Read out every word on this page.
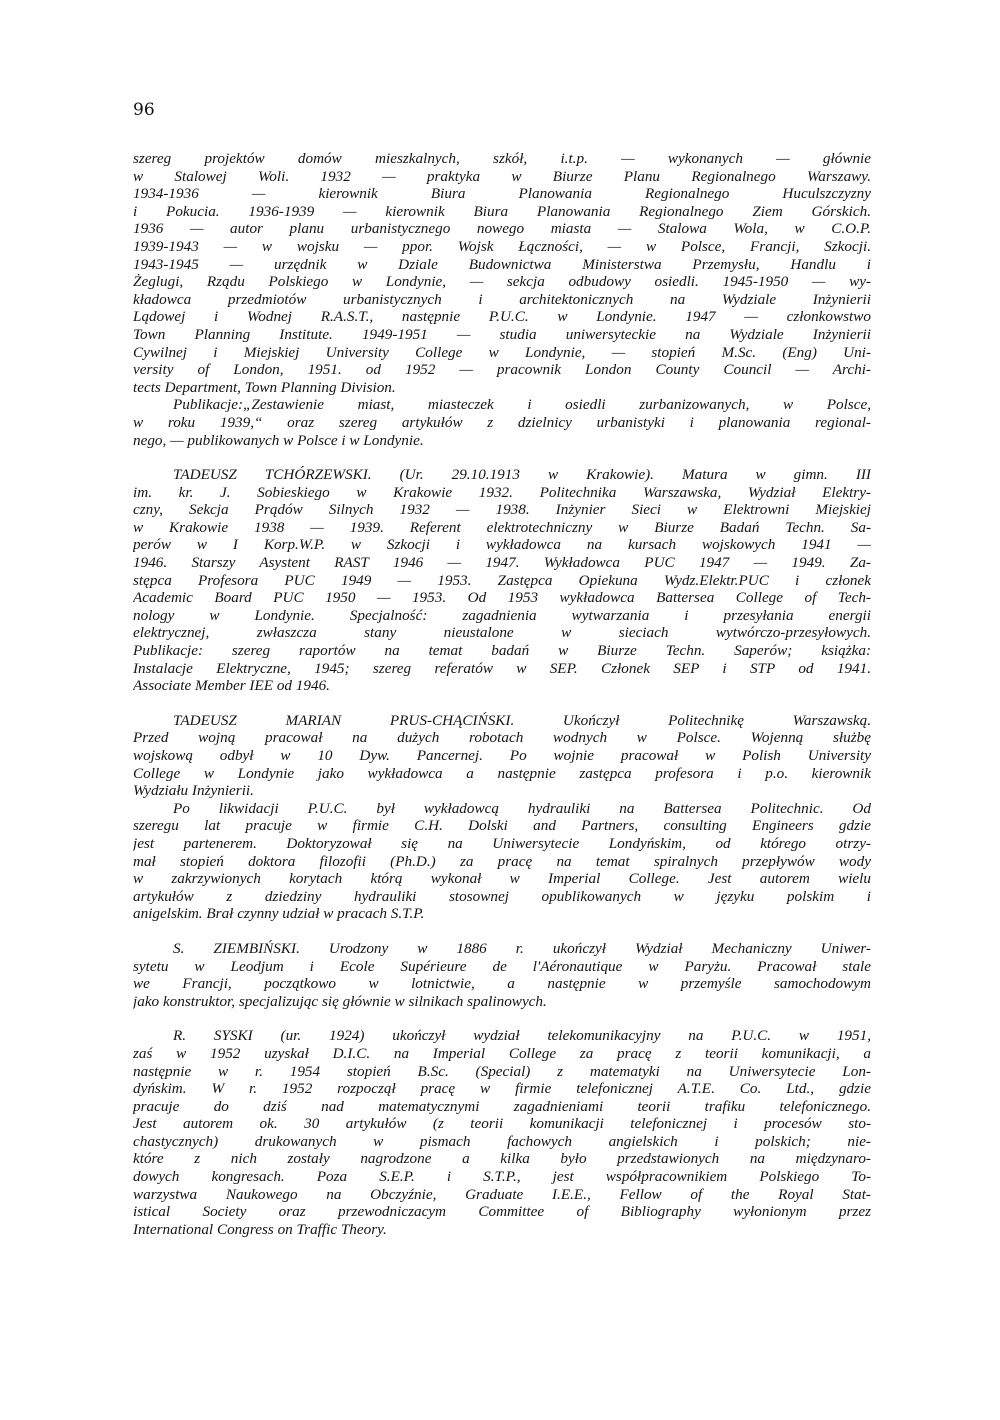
96
szereg projektów domów mieszkalnych, szkół, i.t.p. — wykonanych — głównie
w Stalowej Woli. 1932 — praktyka w Biurze Planu Regionalnego Warszawy.
1934-1936 — kierownik Biura Planowania Regionalnego Huculszczyzny
i Pokucia. 1936-1939 — kierownik Biura Planowania Regionalnego Ziem Górskich.
1936 — autor planu urbanistycznego nowego miasta — Stalowa Wola, w C.O.P.
1939-1943 — w wojsku — ppor. Wojsk Łączności, — w Polsce, Francji, Szkocji.
1943-1945 — urzędnik w Dziale Budownictwa Ministerstwa Przemysłu, Handlu i
Żeglugi, Rządu Polskiego w Londynie, — sekcja odbudowy osiedli. 1945-1950 — wy-
kładowca przedmiotów urbanistycznych i architektonicznych na Wydziale Inżynierii
Lądowej i Wodnej R.A.S.T., następnie P.U.C. w Londynie. 1947 — członkowstwo
Town Planning Institute. 1949-1951 — studia uniwersyteckie na Wydziale Inżynierii
Cywilnej i Miejskiej University College w Londynie, — stopień M.Sc. (Eng) Uni-
versity of London, 1951. od 1952 — pracownik London County Council — Archi-
tects Department, Town Planning Division.
Publikacje:„Zestawienie miast, miasteczek i osiedli zurbanizowanych, w Polsce,
w roku 1939,“ oraz szereg artykułów z dzielnicy urbanistyki i planowania regional-
nego, — publikowanych w Polsce i w Londynie.
TADEUSZ TCHÓRZEWSKI. (Ur. 29.10.1913 w Krakowie). Matura w gimn. III
im. kr. J. Sobieskiego w Krakowie 1932. Politechnika Warszawska, Wydział Elektry-
czny, Sekcja Prądów Silnych 1932 — 1938. Inżynier Sieci w Elektrowni Miejskiej
w Krakowie 1938 — 1939. Referent elektrotechniczny w Biurze Badań Techn. Sa-
perów w I Korp.W.P. w Szkocji i wykładowca na kursach wojskowych 1941 —
1946. Starszy Asystent RAST 1946 — 1947. Wykładowca PUC 1947 — 1949. Za-
stępca Profesora PUC 1949 — 1953. Zastępca Opiekuna Wydz.Elektr.PUC i członek
Academic Board PUC 1950 — 1953. Od 1953 wykładowca Battersea College of Tech-
nology w Londynie. Specjalność: zagadnienia wytwarzania i przesyłania energii
elektrycznej, zwłaszcza stany nieustalone w sieciach wytwórczo-przesyłowych.
Publikacje: szereg raportów na temat badań w Biurze Techn. Saperów; książka:
Instalacje Elektryczne, 1945; szereg referatów w SEP. Członek SEP i STP od 1941.
Associate Member IEE od 1946.
TADEUSZ MARIAN PRUS-CHĄCIŃSKI. Ukończył Politechnikę Warszawską.
Przed wojną pracował na dużych robotach wodnych w Polsce. Wojenną służbę
wojskową odbył w 10 Dyw. Pancernej. Po wojnie pracował w Polish University
College w Londynie jako wykładowca a następnie zastępca profesora i p.o. kierownik
Wydziału Inżynierii.
Po likwidacji P.U.C. był wykładowcą hydrauliki na Battersea Politechnic. Od
szeregu lat pracuje w firmie C.H. Dolski and Partners, consulting Engineers gdzie
jest partenerem. Doktoryzował się na Uniwersytecie Londyńskim, od którego otrzy-
mał stopień doktora filozofii (Ph.D.) za pracę na temat spiralnych przepływów wody
w zakrzywionych korytach którą wykonał w Imperial College. Jest autorem wielu
artykułów z dziedziny hydrauliki stosownej opublikowanych w języku polskim i
anigelskim. Brał czynny udział w pracach S.T.P.
S. ZIEMBIŃSKI. Urodzony w 1886 r. ukończył Wydział Mechaniczny Uniwer-
sytetu w Leodjum i Ecole Supérieure de l'Aéronautique w Paryżu. Pracował stale
we Francji, początkowo w lotnictwie, a następnie w przemyśle samochodowym
jako konstruktor, specjalizując się głównie w silnikach spalinowych.
R. SYSKI (ur. 1924) ukończył wydział telekomunikacyjny na P.U.C. w 1951,
zaś w 1952 uzyskał D.I.C. na Imperial College za pracę z teorii komunikacji, a
następnie w r. 1954 stopień B.Sc. (Special) z matematyki na Uniwersytecie Lon-
dyńskim. W r. 1952 rozpoczął pracę w firmie telefonicznej A.T.E. Co. Ltd., gdzie
pracuje do dziś nad matematycznymi zagadnieniami teorii trafiku telefonicznego.
Jest autorem ok. 30 artykułów (z teorii komunikacji telefonicznej i procesów sto-
chastycznych) drukowanych w pismach fachowych angielskich i polskich; nie-
które z nich zostały nagrodzone a kilka było przedstawionych na międzynaro-
dowych kongresach. Poza S.E.P. i S.T.P., jest współpracownikiem Polskiego To-
warzystwa Naukowego na Obczyźnie, Graduate I.E.E., Fellow of the Royal Stat-
istical Society oraz przewodniczacym Committee of Bibliography wyłonionym przez
International Congress on Traffic Theory.
